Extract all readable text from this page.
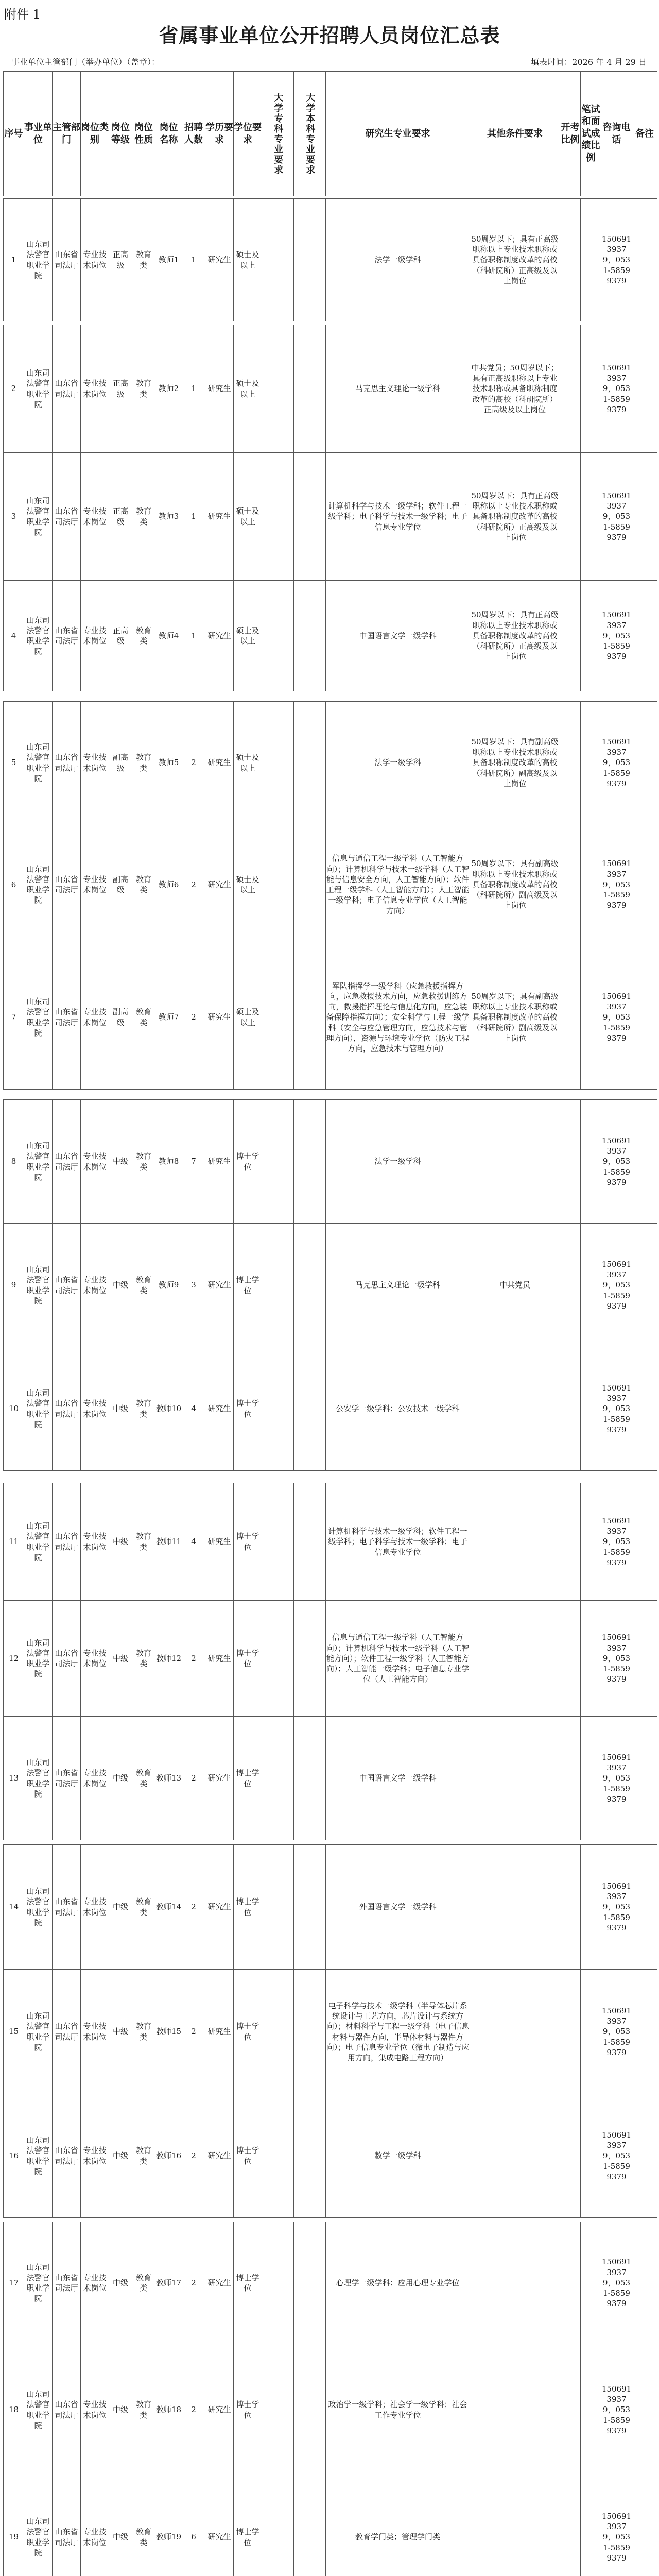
附件 1
省属事业单位公开招聘人员岗位汇总表
事业单位主管部门（举办单位）（盖章）：	填表时间：2026 年 4 月 29 日
序号	事业单位	主管部门	岗位类别	岗位等级	岗位性质	岗位名称	招聘人数	学历要求	学位要求	大学专科专业要求	大学本科专业要求	研究生专业要求	其他条件要求	开考比例	笔试和面试成绩比例	咨询电话	备注
1	山东司法警官职业学院	山东省司法厅	专业技术岗位	正高级	教育类	教师1	1	研究生	硕士及以上			法学一级学科	50周岁以下；具有正高级职称以上专业技术职称或具备职称制度改革的高校（科研院所）正高级及以上岗位			15069139379，0531-58599379	
2	山东司法警官职业学院	山东省司法厅	专业技术岗位	正高级	教育类	教师2	1	研究生	硕士及以上			马克思主义理论一级学科	中共党员；50周岁以下；具有正高级职称以上专业技术职称或具备职称制度改革的高校（科研院所）正高级及以上岗位			15069139379，0531-58599379	
3	山东司法警官职业学院	山东省司法厅	专业技术岗位	正高级	教育类	教师3	1	研究生	硕士及以上			计算机科学与技术一级学科；软件工程一级学科；电子科学与技术一级学科；电子信息专业学位	50周岁以下；具有正高级职称以上专业技术职称或具备职称制度改革的高校（科研院所）正高级及以上岗位			15069139379，0531-58599379	
4	山东司法警官职业学院	山东省司法厅	专业技术岗位	正高级	教育类	教师4	1	研究生	硕士及以上			中国语言文学一级学科	50周岁以下；具有正高级职称以上专业技术职称或具备职称制度改革的高校（科研院所）正高级及以上岗位			15069139379，0531-58599379	
5	山东司法警官职业学院	山东省司法厅	专业技术岗位	副高级	教育类	教师5	2	研究生	硕士及以上			法学一级学科	50周岁以下；具有副高级职称以上专业技术职称或具备职称制度改革的高校（科研院所）副高级及以上岗位			15069139379，0531-58599379	
6	山东司法警官职业学院	山东省司法厅	专业技术岗位	副高级	教育类	教师6	2	研究生	硕士及以上			信息与通信工程一级学科（人工智能方向）；计算机科学与技术一级学科（人工智能与信息安全方向，人工智能方向）；软件工程一级学科（人工智能方向）；人工智能一级学科；电子信息专业学位（人工智能方向）	50周岁以下；具有副高级职称以上专业技术职称或具备职称制度改革的高校（科研院所）副高级及以上岗位			15069139379，0531-58599379	
7	山东司法警官职业学院	山东省司法厅	专业技术岗位	副高级	教育类	教师7	2	研究生	硕士及以上			军队指挥学一级学科（应急救援指挥方向，应急救援技术方向，应急救援训练方向，救援指挥理论与信息化方向，应急装备保障指挥方向）；安全科学与工程一级学科（安全与应急管理方向，应急技术与管理方向），资源与环境专业学位（防灾工程方向，应急技术与管理方向）	50周岁以下；具有副高级职称以上专业技术职称或具备职称制度改革的高校（科研院所）副高级及以上岗位			15069139379，0531-58599379	
8	山东司法警官职业学院	山东省司法厅	专业技术岗位	中级	教育类	教师8	7	研究生	博士学位			法学一级学科				15069139379，0531-58599379	
9	山东司法警官职业学院	山东省司法厅	专业技术岗位	中级	教育类	教师9	3	研究生	博士学位			马克思主义理论一级学科	中共党员			15069139379，0531-58599379	
10	山东司法警官职业学院	山东省司法厅	专业技术岗位	中级	教育类	教师10	4	研究生	博士学位			公安学一级学科；公安技术一级学科				15069139379，0531-58599379	
11	山东司法警官职业学院	山东省司法厅	专业技术岗位	中级	教育类	教师11	4	研究生	博士学位			计算机科学与技术一级学科；软件工程一级学科；电子科学与技术一级学科；电子信息专业学位				15069139379，0531-58599379	
12	山东司法警官职业学院	山东省司法厅	专业技术岗位	中级	教育类	教师12	2	研究生	博士学位			信息与通信工程一级学科（人工智能方向）；计算机科学与技术一级学科（人工智能方向）；软件工程一级学科（人工智能方向）；人工智能一级学科；电子信息专业学位（人工智能方向）				15069139379，0531-58599379	
13	山东司法警官职业学院	山东省司法厅	专业技术岗位	中级	教育类	教师13	2	研究生	博士学位			中国语言文学一级学科				15069139379，0531-58599379	
14	山东司法警官职业学院	山东省司法厅	专业技术岗位	中级	教育类	教师14	2	研究生	博士学位			外国语言文学一级学科				15069139379，0531-58599379	
15	山东司法警官职业学院	山东省司法厅	专业技术岗位	中级	教育类	教师15	2	研究生	博士学位			电子科学与技术一级学科（半导体芯片系统设计与工艺方向，芯片设计与系统方向）；材料科学与工程一级学科（电子信息材料与器件方向，半导体材料与器件方向）；电子信息专业学位（微电子制造与应用方向，集成电路工程方向）				15069139379，0531-58599379	
16	山东司法警官职业学院	山东省司法厅	专业技术岗位	中级	教育类	教师16	2	研究生	博士学位			数学一级学科				15069139379，0531-58599379	
17	山东司法警官职业学院	山东省司法厅	专业技术岗位	中级	教育类	教师17	2	研究生	博士学位			心理学一级学科；应用心理专业学位				15069139379，0531-58599379	
18	山东司法警官职业学院	山东省司法厅	专业技术岗位	中级	教育类	教师18	2	研究生	博士学位			政治学一级学科；社会学一级学科；社会工作专业学位				15069139379，0531-58599379	
19	山东司法警官职业学院	山东省司法厅	专业技术岗位	中级	教育类	教师19	6	研究生	博士学位			教育学门类；管理学门类				15069139379，0531-58599379	
